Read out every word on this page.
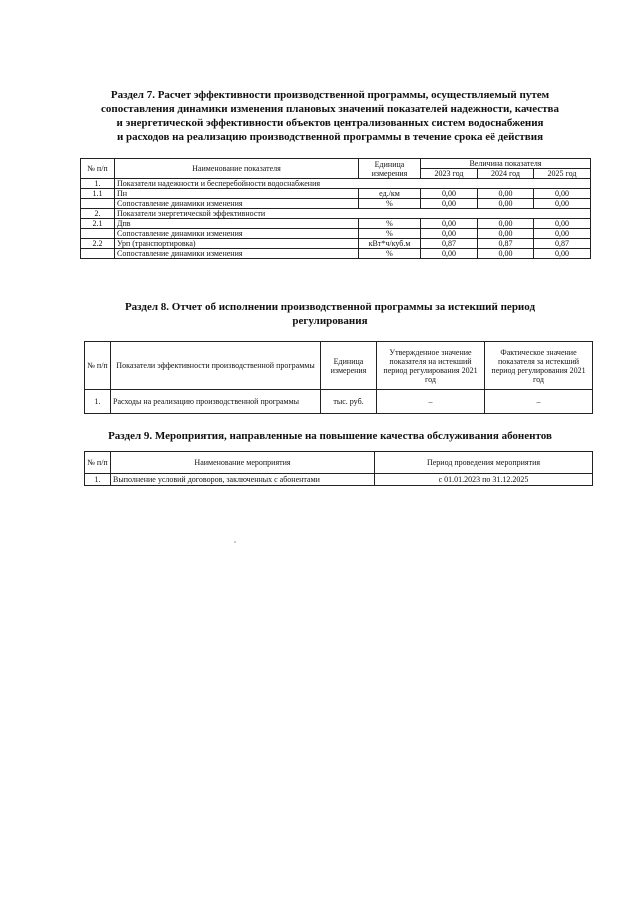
Раздел 7. Расчет эффективности производственной программы, осуществляемый путем
сопоставления динамики изменения плановых значений показателей надежности, качества
и энергетической эффективности объектов централизованных систем водоснабжения
и расходов на реализацию производственной программы в течение срока её действия
№ п/п	Наименование показателя	Единица измерения	Величина показателя		
			2023 год	2024 год	2025 год
1.	Показатели надежности и бесперебойности водоснабжения				
1.1	Пн	ед./км	0,00	0,00	0,00
	Сопоставление динамики изменения	%	0,00	0,00	0,00
2.	Показатели энергетической эффективности				
2.1	Дпв	%	0,00	0,00	0,00
	Сопоставление динамики изменения	%	0,00	0,00	0,00
2.2	Урп (транспортировка)	кВт*ч/куб.м	0,87	0,87	0,87
	Сопоставление динамики изменения	%	0,00	0,00	0,00
Раздел 8. Отчет об исполнении производственной программы за истекший период
регулирования
№ п/п	Показатели эффективности производственной программы	Единица измерения	Утвержденное значение показателя на истекший период регулирования 2021 год	Фактическое значение показателя за истекший период регулирования 2021 год
1.	Расходы на реализацию производственной программы	тыс. руб.	–	–
Раздел 9. Мероприятия, направленные на повышение качества обслуживания абонентов
№ п/п	Наименование мероприятия	Период проведения мероприятия
1.	Выполнение условий договоров, заключенных с абонентами	с 01.01.2023 по 31.12.2025
